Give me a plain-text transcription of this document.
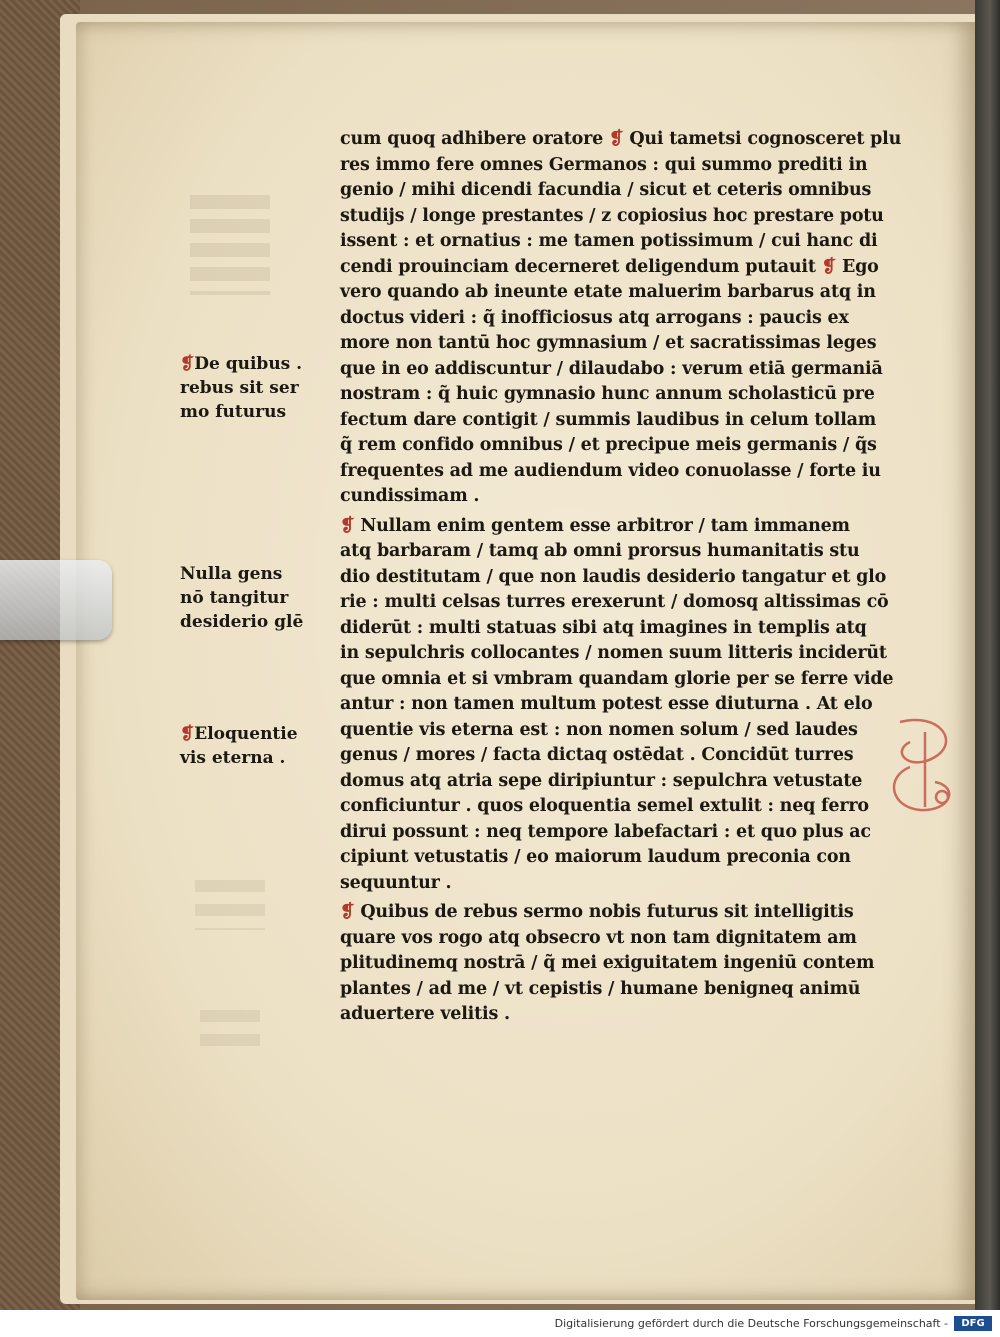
cum quoq adhibere oratore ❡ Qui tametsi cognosceret plu
res immo fere omnes Germanos : qui summo prediti in
genio / mihi dicendi facundia / sicut et ceteris omnibus
studijs / longe prestantes / z copiosius hoc prestare potu
issent : et ornatius : me tamen potissimum / cui hanc di
cendi prouinciam decerneret deligendum putauit ❡ Ego
vero quando ab ineunte etate maluerim barbarus atq in
doctus videri : q̃ inofficiosus atq arrogans : paucis ex
more non tantū hoc gymnasium / et sacratissimas leges
que in eo addiscuntur / dilaudabo : verum etiā germaniā
nostram : q̃ huic gymnasio hunc annum scholasticū pre
fectum dare contigit / summis laudibus in celum tollam
q̃ rem confido omnibus / et precipue meis germanis / q̃s
frequentes ad me audiendum video conuolasse / forte iu
cundissimam .
❡ Nullam enim gentem esse arbitror / tam immanem
atq barbaram / tamq ab omni prorsus humanitatis stu
dio destitutam / que non laudis desiderio tangatur et glo
rie : multi celsas turres erexerunt / domosq altissimas cō
diderūt : multi statuas sibi atq imagines in templis atq
in sepulchris collocantes / nomen suum litteris inciderūt
que omnia et si vmbram quandam glorie per se ferre vide
antur : non tamen multum potest esse diuturna . At elo
quentie vis eterna est : non nomen solum / sed laudes
genus / mores / facta dictaq ostēdat . Concidūt turres
domus atq atria sepe diripiuntur : sepulchra vetustate
conficiuntur . quos eloquentia semel extulit : neq ferro
dirui possunt : neq tempore labefactari : et quo plus ac
cipiunt vetustatis / eo maiorum laudum preconia con
sequuntur .
❡ Quibus de rebus sermo nobis futurus sit intelligitis
quare vos rogo atq obsecro vt non tam dignitatem am
plitudinemq nostrā / q̃ mei exiguitatem ingeniū contem
plantes / ad me / vt cepistis / humane benigneq animū
aduertere velitis .
❡De quibus .
rebus sit ser
mo futurus
Nulla gens
nō tangitur
desiderio glē
❡Eloquentie
vis eterna .
Digitalisierung gefördert durch die Deutsche Forschungsgemeinschaft -	DFG
